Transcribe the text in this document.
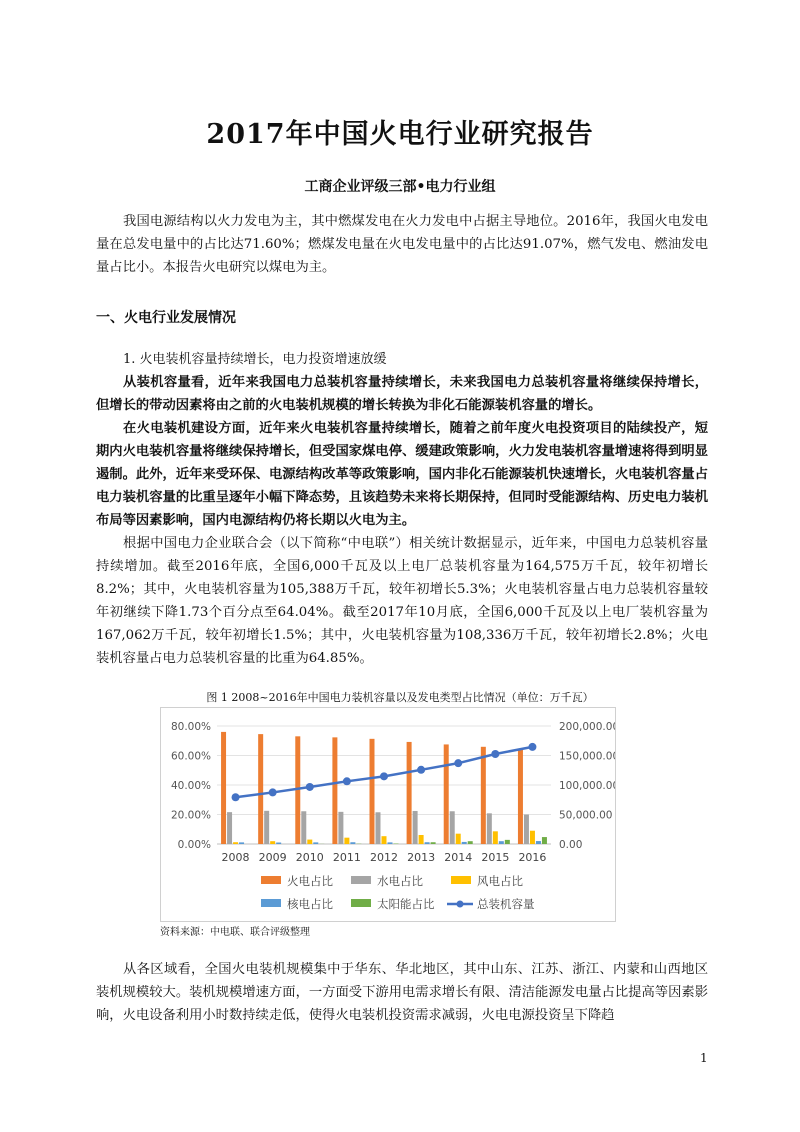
2017年中国火电行业研究报告
工商企业评级三部•电力行业组

我国电源结构以火力发电为主，其中燃煤发电在火力发电中占据主导地位。2016年，我国火电发电量在总发电量中的占比达71.60%；燃煤发电量在火电发电量中的占比达91.07%，燃气发电、燃油发电量占比小。本报告火电研究以煤电为主。

一、火电行业发展情况
1. 火电装机容量持续增长，电力投资增速放缓

从装机容量看，近年来我国电力总装机容量持续增长，未来我国电力总装机容量将继续保持增长，但增长的带动因素将由之前的火电装机规模的增长转换为非化石能源装机容量的增长。

在火电装机建设方面，近年来火电装机容量持续增长，随着之前年度火电投资项目的陆续投产，短期内火电装机容量将继续保持增长，但受国家煤电停、缓建政策影响，火力发电装机容量增速将得到明显遏制。此外，近年来受环保、电源结构改革等政策影响，国内非化石能源装机快速增长，火电装机容量占电力装机容量的比重呈逐年小幅下降态势，且该趋势未来将长期保持，但同时受能源结构、历史电力装机布局等因素影响，国内电源结构仍将长期以火电为主。

根据中国电力企业联合会（以下简称“中电联”）相关统计数据显示，近年来，中国电力总装机容量持续增加。截至2016年底，全国6,000千瓦及以上电厂总装机容量为164,575万千瓦，较年初增长8.2%；其中，火电装机容量为105,388万千瓦，较年初增长5.3%；火电装机容量占电力总装机容量较年初继续下降1.73个百分点至64.04%。截至2017年10月底，全国6,000千瓦及以上电厂装机容量为167,062万千瓦，较年初增长1.5%；其中，火电装机容量为108,336万千瓦，较年初增长2.8%；火电装机容量占电力总装机容量的比重为64.85%。

图 1 2008~2016年中国电力装机容量以及发电类型占比情况（单位：万千瓦）
0.00%
20.00%
40.00%
60.00%
80.00%
0.00
50,000.00
100,000.00
150,000.00
200,000.00
2008 2009 2010 2011 2012 2013 2014 2015 2016
火电占比	水电占比	风电占比
核电占比	太阳能占比	总装机容量
资料来源：中电联、联合评级整理

从各区域看，全国火电装机规模集中于华东、华北地区，其中山东、江苏、浙江、内蒙和山西地区装机规模较大。装机规模增速方面，一方面受下游用电需求增长有限、清洁能源发电量占比提高等因素影响，火电设备利用小时数持续走低，使得火电装机投资需求减弱，火电电源投资呈下降趋

1
